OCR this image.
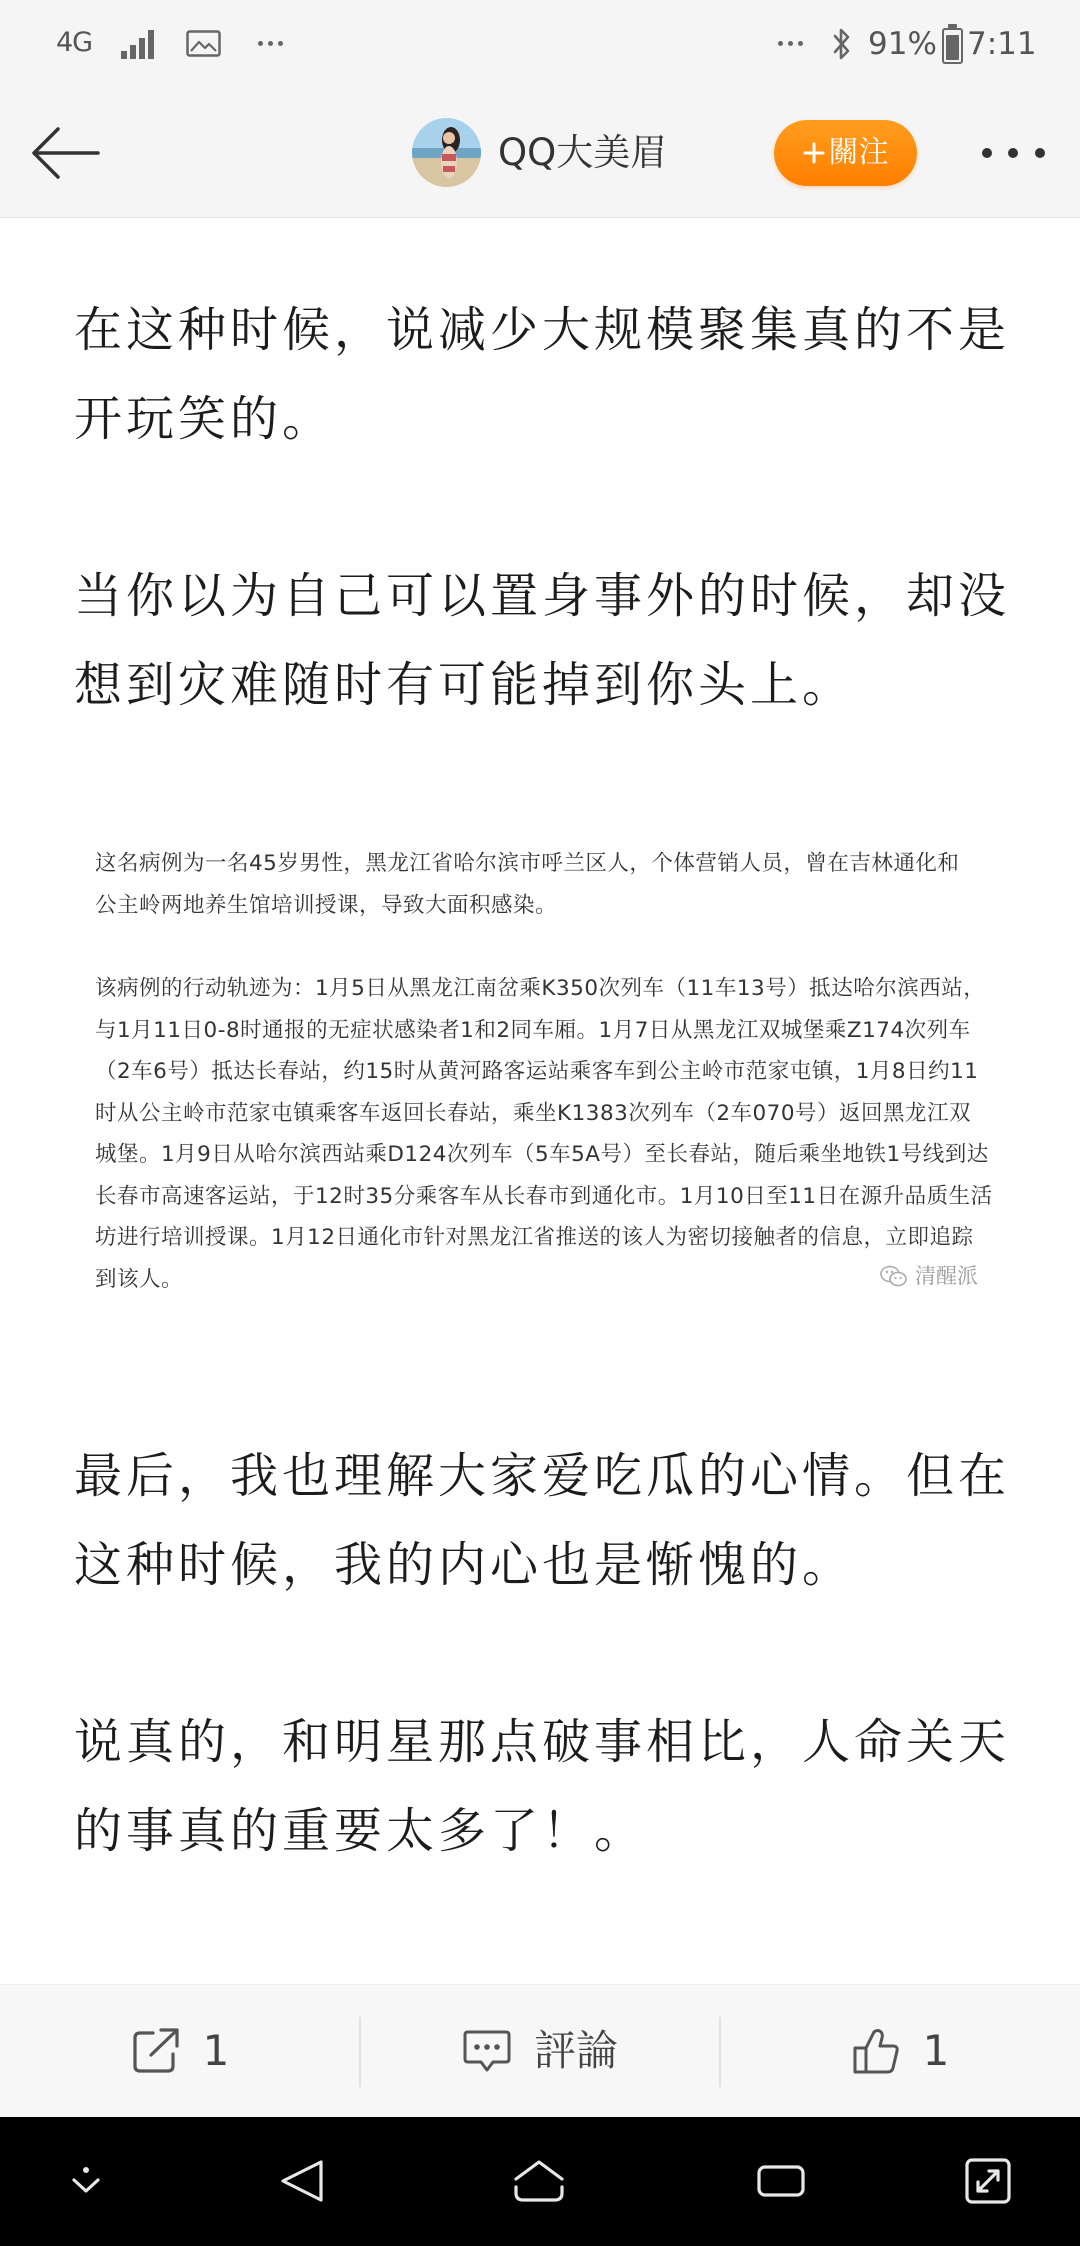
4G	91% 7:11
QQ大美眉	關注
在这种时候，说减少大规模聚集真的不是
开玩笑的。
当你以为自己可以置身事外的时候，却没
想到灾难随时有可能掉到你头上。
这名病例为一名45岁男性，黑龙江省哈尔滨市呼兰区人，个体营销人员，曾在吉林通化和
公主岭两地养生馆培训授课，导致大面积感染。
该病例的行动轨迹为：1月5日从黑龙江南岔乘K350次列车（11车13号）抵达哈尔滨西站，
与1月11日0-8时通报的无症状感染者1和2同车厢。1月7日从黑龙江双城堡乘Z174次列车
（2车6号）抵达长春站，约15时从黄河路客运站乘客车到公主岭市范家屯镇，1月8日约11
时从公主岭市范家屯镇乘客车返回长春站，乘坐K1383次列车（2车070号）返回黑龙江双
城堡。1月9日从哈尔滨西站乘D124次列车（5车5A号）至长春站，随后乘坐地铁1号线到达
长春市高速客运站，于12时35分乘客车从长春市到通化市。1月10日至11日在源升品质生活
坊进行培训授课。1月12日通化市针对黑龙江省推送的该人为密切接触者的信息，立即追踪
到该人。	清醒派
最后，我也理解大家爱吃瓜的心情。但在
这种时候，我的内心也是惭愧的。
说真的，和明星那点破事相比，人命关天
的事真的重要太多了！。
1	評論	1
